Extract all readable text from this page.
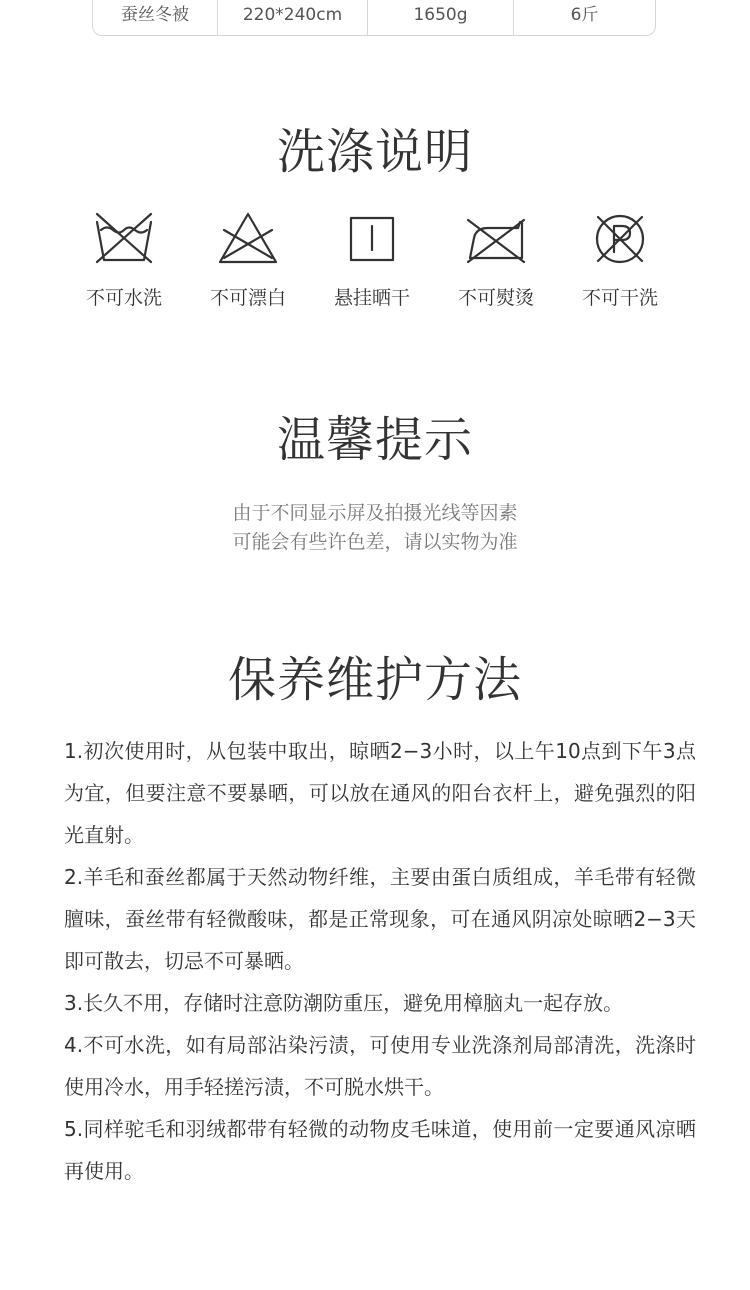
蚕丝冬被	220*240cm	1650g	6斤
洗涤说明
不可水洗	不可漂白	悬挂晒干	不可熨烫	不可干洗
温馨提示
由于不同显示屏及拍摄光线等因素
可能会有些许色差，请以实物为准
保养维护方法

1.初次使用时，从包装中取出，晾晒2−3小时，以上午10点到下午3点为宜，但要注意不要暴晒，可以放在通风的阳台衣杆上，避免强烈的阳光直射。

2.羊毛和蚕丝都属于天然动物纤维，主要由蛋白质组成，羊毛带有轻微膻味，蚕丝带有轻微酸味，都是正常现象，可在通风阴凉处晾晒2−3天即可散去，切忌不可暴晒。

3.长久不用，存储时注意防潮防重压，避免用樟脑丸一起存放。

4.不可水洗，如有局部沾染污渍，可使用专业洗涤剂局部清洗，洗涤时使用冷水，用手轻搓污渍，不可脱水烘干。

5.同样驼毛和羽绒都带有轻微的动物皮毛味道，使用前一定要通风凉晒再使用。
